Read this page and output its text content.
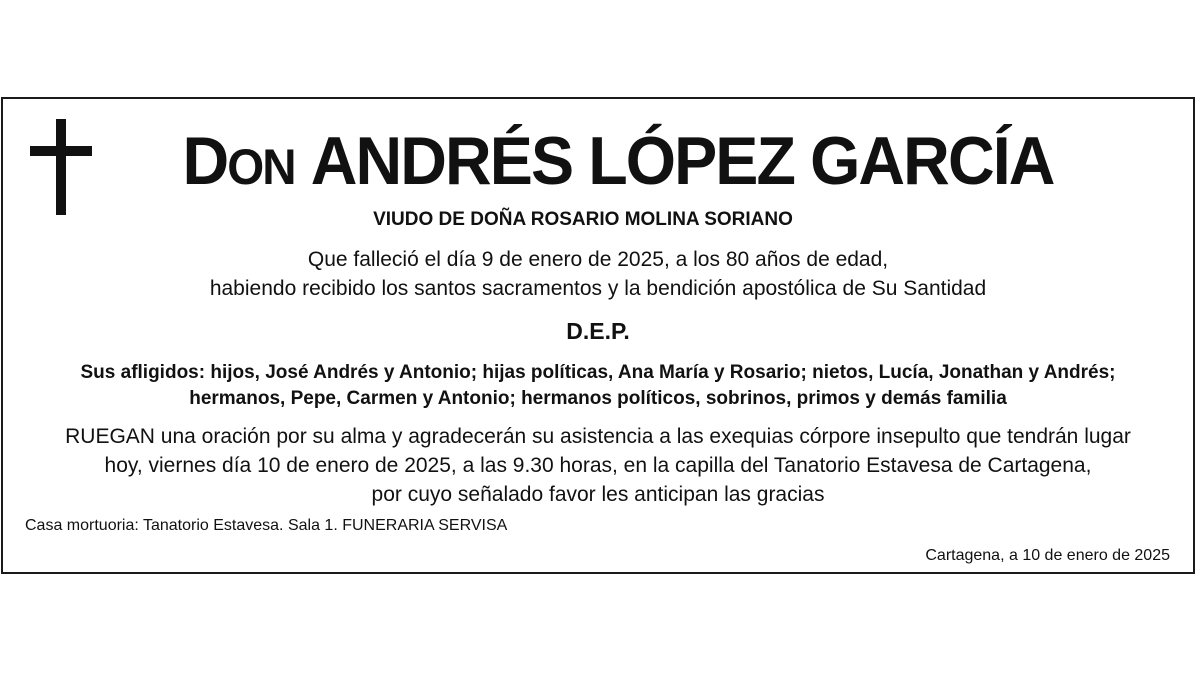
DON ANDRÉS LÓPEZ GARCÍA
VIUDO DE DOÑA ROSARIO MOLINA SORIANO
Que falleció el día 9 de enero de 2025, a los 80 años de edad,
habiendo recibido los santos sacramentos y la bendición apostólica de Su Santidad
D.E.P.
Sus afligidos: hijos, José Andrés y Antonio; hijas políticas, Ana María y Rosario; nietos, Lucía, Jonathan y Andrés;
hermanos, Pepe, Carmen y Antonio; hermanos políticos, sobrinos, primos y demás familia
RUEGAN una oración por su alma y agradecerán su asistencia a las exequias córpore insepulto que tendrán lugar
hoy, viernes día 10 de enero de 2025, a las 9.30 horas, en la capilla del Tanatorio Estavesa de Cartagena,
por cuyo señalado favor les anticipan las gracias
Casa mortuoria: Tanatorio Estavesa. Sala 1. FUNERARIA SERVISA
Cartagena, a 10 de enero de 2025
